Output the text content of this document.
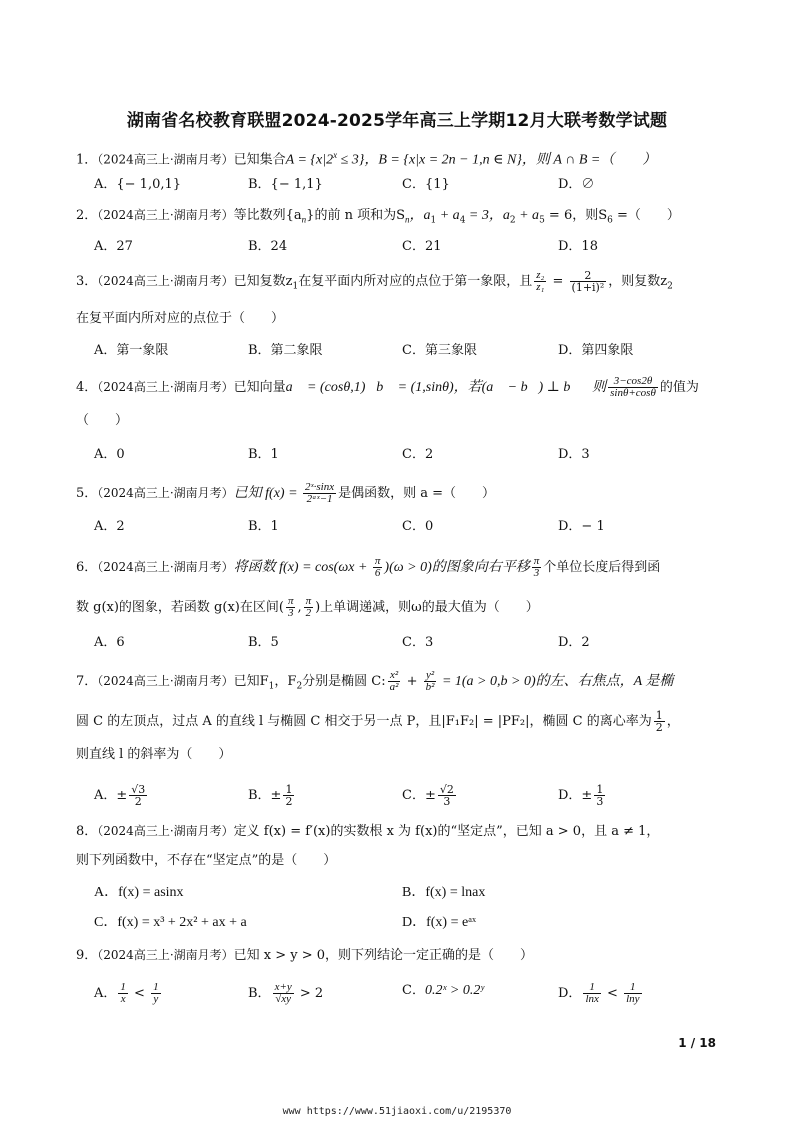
湖南省名校教育联盟2024-2025学年高三上学期12月大联考数学试题
1．（2024高三上·湖南月考）已知集合$A = \{x|2^x \le 3\}$，B = {x|x = 2n − 1,n ∈ N}，则 A ∩ B =（　　）
A．{− 1,0,1}	B．{− 1,1}	C．{1}	D．∅
2．（2024高三上·湖南月考）等比数列$\{a_n\}$的前 n 项和为$S_n$，$a_1 + a_4 = 3$，$a_2 + a_5 = 6$，则$S_6$ =（　　）
A．27	B．24	C．21	D．18
3．（2024高三上·湖南月考）已知复数$z_1$在复平面内所对应的点位于第一象限，且 $\frac{\text{z₂}}{\text{z₁}} = \frac{2}{\text{(1+i)²}}$ ，则复数$z_2$
在复平面内所对应的点位于（　　）
A．第一象限	B．第二象限	C．第三象限	D．第四象限
4．（2024高三上·湖南月考）已知向量a⃗ = (cosθ,1)，b⃗ = (1,sinθ)，若(a⃗ − b⃗) ⊥ b⃗，则 $\frac{3-\cos 2\theta}{\sin\theta+\cos\theta}$ 的值为
（　　）
A．0	B．1	C．2	D．3
5．（2024高三上·湖南月考）已知 $f(x) = \frac{\text{2ˣ·sinx}}{\text{2ᵃˣ−1}}$ 是偶函数，则 a =（　　）
A．2	B．1	C．0	D．− 1
6．（2024高三上·湖南月考）将函数 $f(x) = \cos(\omega x + \frac{\pi}{6} )(\omega > 0)$的图象向右平移 $\frac{\pi}{3}$ 个单位长度后得到函
数 g(x)的图象，若函数 g(x)在区间( $\frac{\pi}{3}$ , $\frac{\pi}{2}$ )上单调递减，则ω的最大值为（　　）
A．6	B．5	C．3	D．2
7．（2024高三上·湖南月考）已知$F_1$，$F_2$分别是椭圆 C: $\frac{\text{x²}}{\text{a²}} + \frac{\text{y²}}{\text{b²}} = 1(a > 0,b > 0)$的左、右焦点，A 是椭
圆 C 的左顶点，过点 A 的直线 l 与椭圆 C 相交于另一点 P，且|F₁F₂| = |PF₂|，椭圆 C 的离心率为 $\frac{1}{2}$ ，
则直线 l 的斜率为（　　）
A．± $\frac{√3}{2}$	B．± $\frac{1}{2}$	C．± $\frac{√2}{3}$	D．± $\frac{1}{3}$
8．（2024高三上·湖南月考）定义 f(x) = f′(x)的实数根 x 为 f(x)的“坚定点”，已知 a > 0，且 a ≠ 1，
则下列函数中，不存在“坚定点”的是（　　）
A．f(x) = asinx	B．f(x) = lnax
C．f(x) = x³ + 2x² + ax + a	D．f(x) = eᵃˣ
9．（2024高三上·湖南月考）已知 x > y > 0，则下列结论一定正确的是（　　）
A． $\frac{1}{x} < \frac{1}{y}$	B． $\frac{x+y}{√xy} > 2$	C．0.2ˣ > 0.2ʸ	D． $\frac{1}{\ln x} < \frac{1}{\ln y}$
1 / 18
www https://www.51jiaoxi.com/u/2195370
